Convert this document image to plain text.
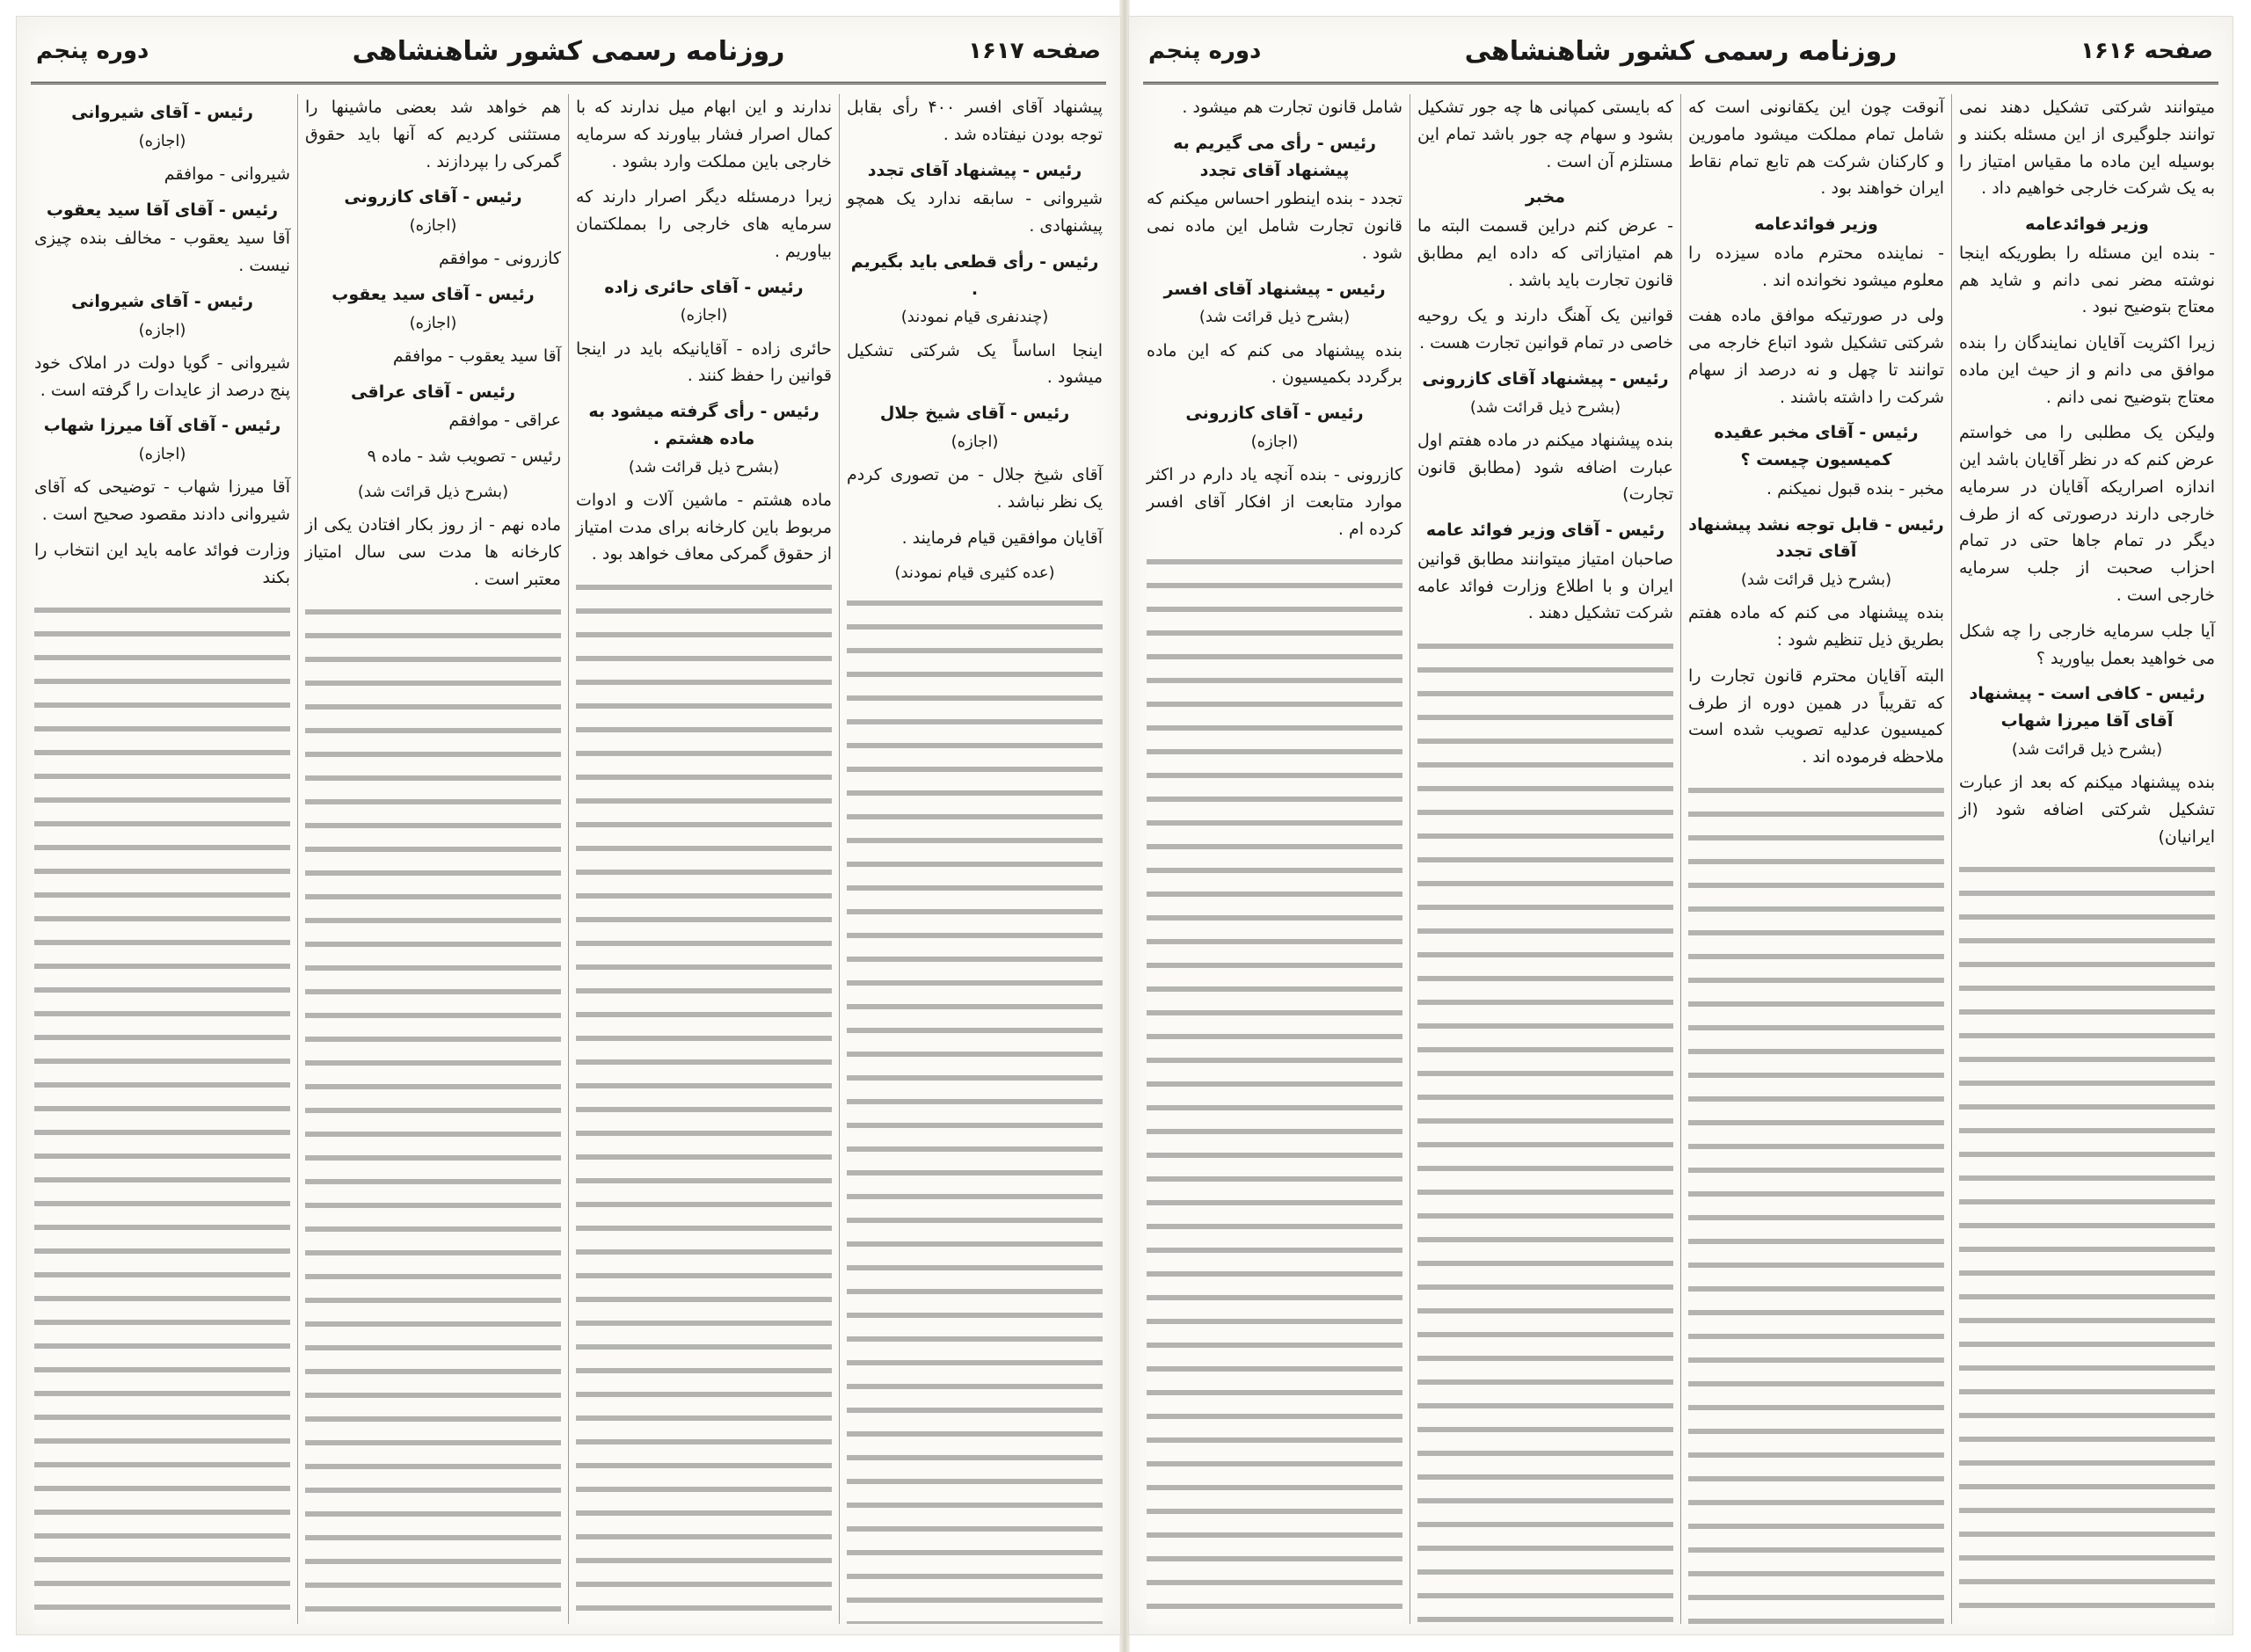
صفحه ۱۶۱۶
روزنامه رسمی کشور شاهنشاهی
دوره پنجم

میتوانند شرکتی تشکیل دهند نمی توانند جلوگیری از این مسئله بکنند و بوسیله این ماده ما مقیاس امتیاز را به یک شرکت خارجی خواهیم داد .

وزیر فوائدعامه

- بنده این مسئله را بطوریکه اینجا نوشته مضر نمی دانم و شاید هم معتاج بتوضیح نبود .

زیرا اکثریت آقایان نمایندگان را بنده موافق می دانم و از حیث این ماده معتاج بتوضیح نمی دانم .

ولیکن یک مطلبی را می خواستم عرض کنم که در نظر آقایان باشد این اندازه اصراریکه آقایان در سرمایه خارجی دارند درصورتی که از طرف دیگر در تمام جاها حتی در تمام احزاب صحبت از جلب سرمایه خارجی است .

آیا جلب سرمایه خارجی را چه شکل می خواهید بعمل بیاورید ؟

رئیس - کافی است - پیشنهاد آقای آقا میرزا شهاب
(بشرح ذیل قرائت شد)

بنده پیشنهاد میکنم که بعد از عبارت تشکیل شرکتی اضافه شود (از ایرانیان)

آنوقت چون این یکقانونی است که شامل تمام مملکت میشود مامورین و کارکنان شرکت هم تابع تمام نقاط ایران خواهند بود .

وزیر فوائدعامه

- نماینده محترم ماده سیزده را معلوم میشود نخوانده اند .

ولی در صورتیکه موافق ماده هفت شرکتی تشکیل شود اتباع خارجه می توانند تا چهل و نه درصد از سهام شرکت را داشته باشند .

رئیس - آقای مخبر عقیده کمیسیون چیست ؟

مخبر - بنده قبول نمیکنم .

رئیس - قابل توجه نشد پیشنهاد آقای تجدد
(بشرح ذیل قرائت شد)

بنده پیشنهاد می کنم که ماده هفتم بطریق ذیل تنظیم شود :

البته آقایان محترم قانون تجارت را که تقریباً در همین دوره از طرف کمیسیون عدلیه تصویب شده است ملاحظه فرموده اند .

که بایستی کمپانی ها چه جور تشکیل بشود و سهام چه جور باشد تمام این مستلزم آن است .

مخبر

- عرض کنم دراین قسمت البته ما هم امتیازاتی که داده ایم مطابق قانون تجارت باید باشد .

قوانین یک آهنگ دارند و یک روحیه خاصی در تمام قوانین تجارت هست .

رئیس - پیشنهاد آقای کازرونی
(بشرح ذیل قرائت شد)

بنده پیشنهاد میکنم در ماده هفتم اول عبارت اضافه شود (مطابق قانون تجارت)

رئیس - آقای وزیر فوائد عامه

صاحبان امتیاز میتوانند مطابق قوانین ایران و با اطلاع وزارت فوائد عامه شرکت تشکیل دهند .

شامل قانون تجارت هم میشود .

رئیس - رأی می گیریم به پیشنهاد آقای تجدد

تجدد - بنده اینطور احساس میکنم که قانون تجارت شامل این ماده نمی شود .

رئیس - پیشنهاد آقای افسر
(بشرح ذیل قرائت شد)

بنده پیشنهاد می کنم که این ماده برگردد بکمیسیون .

رئیس - آقای کازرونی
(اجازه)

کازرونی - بنده آنچه یاد دارم در اکثر موارد متابعت از افکار آقای افسر کرده ام .

صفحه ۱۶۱۷
روزنامه رسمی کشور شاهنشاهی
دوره پنجم

پیشنهاد آقای افسر ۴۰۰ رأی بقابل توجه بودن نیفتاده شد .

رئیس - پیشنهاد آقای تجدد

شیروانی - سابقه ندارد یک همچو پیشنهادی .

رئیس - رأی قطعی باید بگیریم .
(چندنفری قیام نمودند)

اینجا اساساً یک شرکتی تشکیل میشود .

رئیس - آقای شیخ جلال
(اجازه)

آقای شیخ جلال - من تصوری کردم یک نظر نباشد .

آقایان موافقین قیام فرمایند .

(عده کثیری قیام نمودند)

ندارند و این ابهام میل ندارند که با کمال اصرار فشار بیاورند که سرمایه خارجی باین مملکت وارد بشود .

زیرا درمسئله دیگر اصرار دارند که سرمایه های خارجی را بمملکتمان بیاوریم .

رئیس - آقای حائری زاده
(اجازه)

حائری زاده - آقایانیکه باید در اینجا قوانین را حفظ کنند .

رئیس - رأی گرفته میشود به ماده هشتم .
(بشرح ذیل قرائت شد)

ماده هشتم - ماشین آلات و ادوات مربوط باین کارخانه برای مدت امتیاز از حقوق گمرکی معاف خواهد بود .

هم خواهد شد بعضی ماشینها را مستثنی کردیم که آنها باید حقوق گمرکی را بپردازند .

رئیس - آقای کازرونی
(اجازه)

کازرونی - موافقم

رئیس - آقای سید یعقوب
(اجازه)

آقا سید یعقوب - موافقم

رئیس - آقای عراقی

عراقی - موافقم

رئیس - تصویب شد - ماده ۹

(بشرح ذیل قرائت شد)

ماده نهم - از روز بکار افتادن یکی از کارخانه ها مدت سی سال امتیاز معتبر است .

رئیس - آقای شیروانی
(اجازه)

شیروانی - موافقم

رئیس - آقای آقا سید یعقوب

آقا سید یعقوب - مخالف بنده چیزی نیست .

رئیس - آقای شیروانی
(اجازه)

شیروانی - گویا دولت در املاک خود پنج درصد از عایدات را گرفته است .

رئیس - آقای آقا میرزا شهاب
(اجازه)

آقا میرزا شهاب - توضیحی که آقای شیروانی دادند مقصود صحیح است .

وزارت فوائد عامه باید این انتخاب را بکند
